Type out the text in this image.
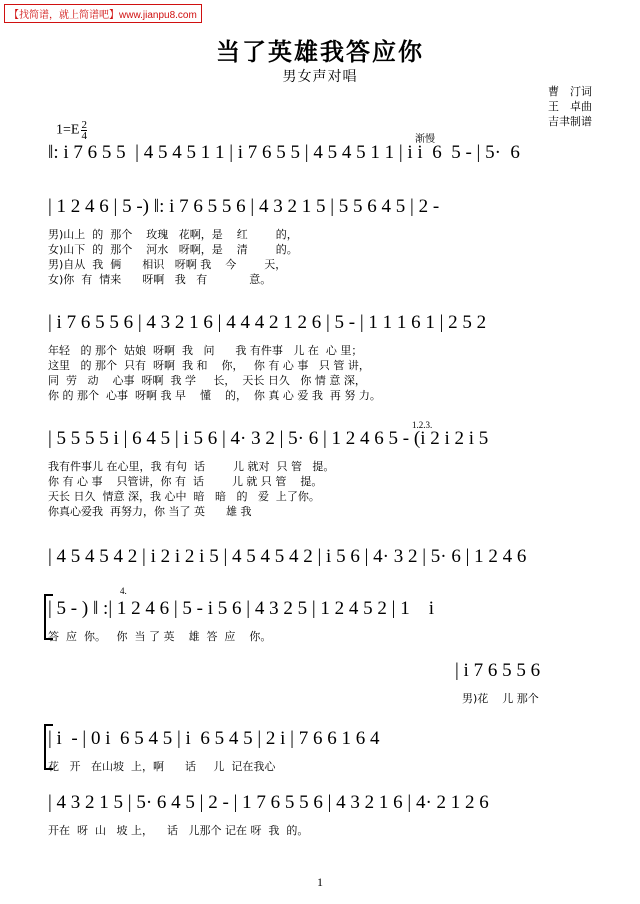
【找简谱，就上简谱吧】www.jianpu8.com
当了英雄我答应你
男女声对唱
曹　汀词
王　卓曲
吉聿制谱
$1=E \frac{2}{4}$	渐慢
‖: i 7 6 5 5  | 4 5 4 5 1 1 | i 7 6 5 5 | 4 5 4 5 1 1 | i i  6  5 - | 5·  6
| 1 2 4 6 | 5 -) ‖: i 7 6 5 5 6 | 4 3 2 1 5 | 5 5 6 4 5 | 2 -
男)山上  的  那个    玫瑰   花啊，是    红        的，
女)山下  的  那个    河水   呀啊，是    清        的。
男)自从  我  俩      相识   呀啊 我    今        天，
女)你  有  情来      呀啊   我   有            意。
| i 7 6 5 5 6 | 4 3 2 1 6 | 4 4 4 2 1 2 6 | 5 - | 1 1 1 6 1 | 2 5 2
年轻   的 那个  姑娘  呀啊  我   问      我 有件事   儿 在  心 里；
这里   的 那个  只有  呀啊  我 和    你，   你 有 心 事   只 管 讲，
同  劳   动    心事  呀啊  我 学     长，  天长 日久   你 情 意 深，
你 的 那个  心事  呀啊 我 早    懂    的，  你 真 心 爱 我  再 努 力。
1.2.3.
| 5 5 5 5 i | 6 4 5 | i 5 6 | 4· 3 2 | 5· 6 | 1 2 4 6 5 - (i 2 i 2 i 5
我有件事儿 在心里，我 有句  话        儿 就对  只 管   提。
你 有 心 事    只管讲，你 有  话        儿 就 只 管    提。
天长 日久  情意 深，我 心中  暗   暗   的   爱  上了你。
你真心爱我  再努力，你 当了 英      雄 我
| 4 5 4 5 4 2 | i 2 i 2 i 5 | 4 5 4 5 4 2 | i 5 6 | 4· 3 2 | 5· 6 | 1 2 4 6
4.
| 5 - ) ‖ :| 1 2 4 6 | 5 - i 5 6 | 4 3 2 5 | 1 2 4 5 2 | 1    i
答  应  你。   你  当 了 英    雄  答  应    你。
| i 7 6 5 5 6
男)花    儿 那个
| i  - | 0 i  6 5 4 5 | i  6 5 4 5 | 2 i | 7 6 6 1 6 4
花   开   在山坡  上，啊      话     儿  记在我心
| 4 3 2 1 5 | 5· 6 4 5 | 2 - | 1 7 6 5 5 6 | 4 3 2 1 6 | 4· 2 1 2 6
开在  呀  山   坡 上，    话   儿那个 记在 呀  我  的。
1
